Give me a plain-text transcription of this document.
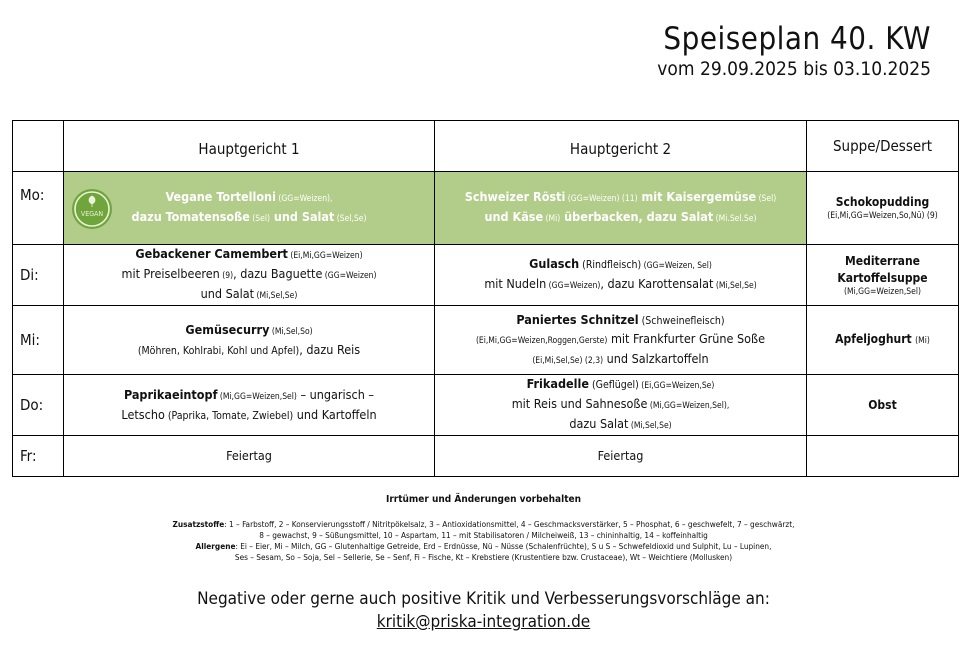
Speiseplan 40. KW
vom 29.09.2025 bis 03.10.2025
	Hauptgericht 1	Hauptgericht 2	Suppe/Dessert
Mo:	VEGAN
Vegane Tortelloni (GG=Weizen),
dazu Tomatensoße (Sel) und Salat (Sel,Se)	Schweizer Rösti (GG=Weizen) (11) mit Kaisergemüse (Sel)
und Käse (Mi) überbacken, dazu Salat (Mi.Sel.Se)	Schokopudding
(Ei,Mi,GG=Weizen,So,Nü) (9)

Di:	Gebackener Camembert (Ei,Mi,GG=Weizen)
mit Preiselbeeren (9), dazu Baguette (GG=Weizen)
und Salat (Mi,Sel,Se)	Gulasch (Rindfleisch) (GG=Weizen, Sel)
mit Nudeln (GG=Weizen), dazu Karottensalat (Mi,Sel,Se)	Mediterrane Kartoffelsuppe
(Mi,GG=Weizen,Sel)

Mi:	Gemüsecurry (Mi,Sel,So)
(Möhren, Kohlrabi, Kohl und Apfel), dazu Reis	Paniertes Schnitzel (Schweinefleisch)
(Ei,Mi,GG=Weizen,Roggen,Gerste) mit Frankfurter Grüne Soße
(Ei,Mi,Sel,Se) (2,3) und Salzkartoffeln	Apfeljoghurt (Mi)

Do:	Paprikaeintopf (Mi,GG=Weizen,Sel) – ungarisch –
Letscho (Paprika, Tomate, Zwiebel) und Kartoffeln	Frikadelle (Geflügel) (Ei,GG=Weizen,Se)
mit Reis und Sahnesoße (Mi,GG=Weizen,Sel),
dazu Salat (Mi,Sel,Se)	Obst

Fr:	Feiertag	Feiertag	

Irrtümer und Änderungen vorbehalten
Zusatzstoffe: 1 – Farbstoff, 2 – Konservierungsstoff / Nitritpökelsalz, 3 – Antioxidationsmittel, 4 – Geschmacksverstärker, 5 – Phosphat, 6 – geschwefelt, 7 – geschwärzt,
8 – gewachst, 9 – Süßungsmittel, 10 – Aspartam, 11 – mit Stabilisatoren / Milcheiweiß, 13 – chininhaltig, 14 – koffeinhaltig
Allergene: Ei – Eier, Mi – Milch, GG – Glutenhaltige Getreide, Erd – Erdnüsse, Nü – Nüsse (Schalenfrüchte), S u S – Schwefeldioxid und Sulphit, Lu – Lupinen,
Ses – Sesam, So – Soja, Sel – Sellerie, Se – Senf, Fi – Fische, Kt – Krebstiere (Krustentiere bzw. Crustaceae), Wt – Weichtiere (Mollusken)
Negative oder gerne auch positive Kritik und Verbesserungsvorschläge an:
kritik@priska-integration.de
